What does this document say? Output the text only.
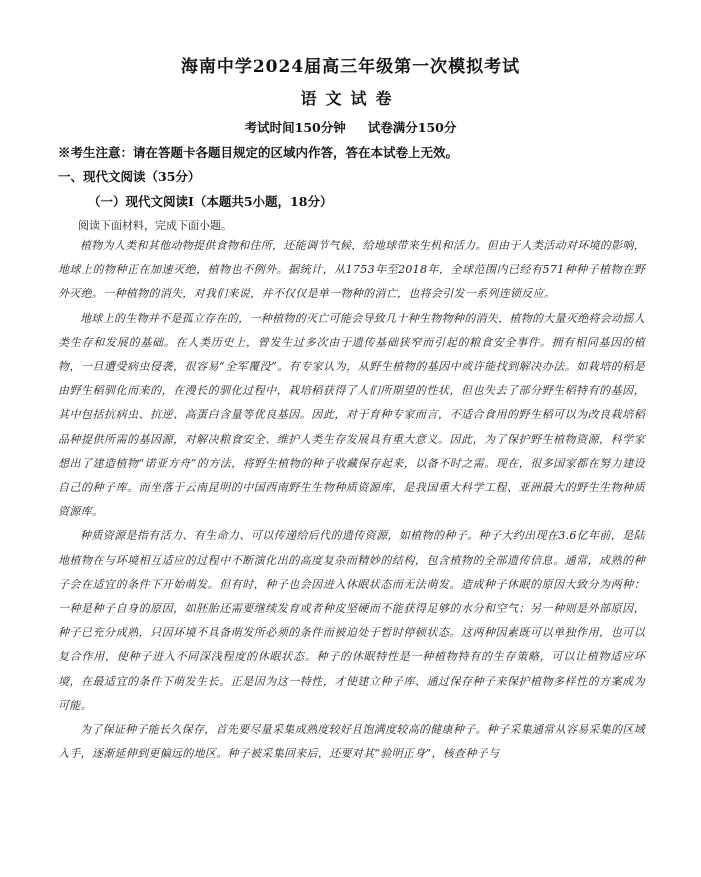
海南中学2024届高三年级第一次模拟考试
语文试卷
考试时间150分钟 试卷满分150分
※考生注意：请在答题卡各题目规定的区域内作答，答在本试卷上无效。
一、现代文阅读（35分）
（一）现代文阅读I（本题共5小题，18分）
阅读下面材料，完成下面小题。

植物为人类和其他动物提供食物和住所，还能调节气候，给地球带来生机和活力。但由于人类活动对环境的影响，地球上的物种正在加速灭绝，植物也不例外。据统计，从1753年至2018年，全球范围内已经有571种种子植物在野外灭绝。一种植物的消失，对我们来说，并不仅仅是单一物种的消亡，也将会引发一系列连锁反应。

地球上的生物并不是孤立存在的，一种植物的灭亡可能会导致几十种生物物种的消失，植物的大量灭绝将会动摇人类生存和发展的基础。在人类历史上，曾发生过多次由于遗传基础狭窄而引起的粮食安全事件。拥有相同基因的植物，一旦遭受病虫侵袭，很容易“全军覆没”。有专家认为，从野生植物的基因中或许能找到解决办法。如栽培的稻是由野生稻驯化而来的，在漫长的驯化过程中，栽培稻获得了人们所期望的性状，但也失去了部分野生稻特有的基因，其中包括抗病虫、抗逆、高蛋白含量等优良基因。因此，对于育种专家而言，不适合食用的野生稻可以为改良栽培稻品种提供所需的基因源，对解决粮食安全、维护人类生存发展具有重大意义。因此，为了保护野生植物资源，科学家想出了建造植物“诺亚方舟”的方法，将野生植物的种子收藏保存起来，以备不时之需。现在，很多国家都在努力建设自己的种子库。而坐落于云南昆明的中国西南野生生物种质资源库，是我国重大科学工程、亚洲最大的野生生物种质资源库。

种质资源是指有活力、有生命力、可以传递给后代的遗传资源，如植物的种子。种子大约出现在3.6亿年前，是陆地植物在与环境相互适应的过程中不断演化出的高度复杂而精妙的结构，包含植物的全部遗传信息。通常，成熟的种子会在适宜的条件下开始萌发。但有时，种子也会因进入休眠状态而无法萌发。造成种子休眠的原因大致分为两种：一种是种子自身的原因，如胚胎还需要继续发育或者种皮坚硬而不能获得足够的水分和空气；另一种则是外部原因，种子已充分成熟，只因环境不具备萌发所必须的条件而被迫处于暂时停顿状态。这两种因素既可以单独作用，也可以复合作用，使种子进入不同深浅程度的休眠状态。种子的休眠特性是一种植物特有的生存策略，可以让植物适应环境，在最适宜的条件下萌发生长。正是因为这一特性，才使建立种子库、通过保存种子来保护植物多样性的方案成为可能。

为了保证种子能长久保存，首先要尽量采集成熟度较好且饱满度较高的健康种子。种子采集通常从容易采集的区域入手，逐渐延伸到更偏远的地区。种子被采集回来后，还要对其“验明正身”，核查种子与
